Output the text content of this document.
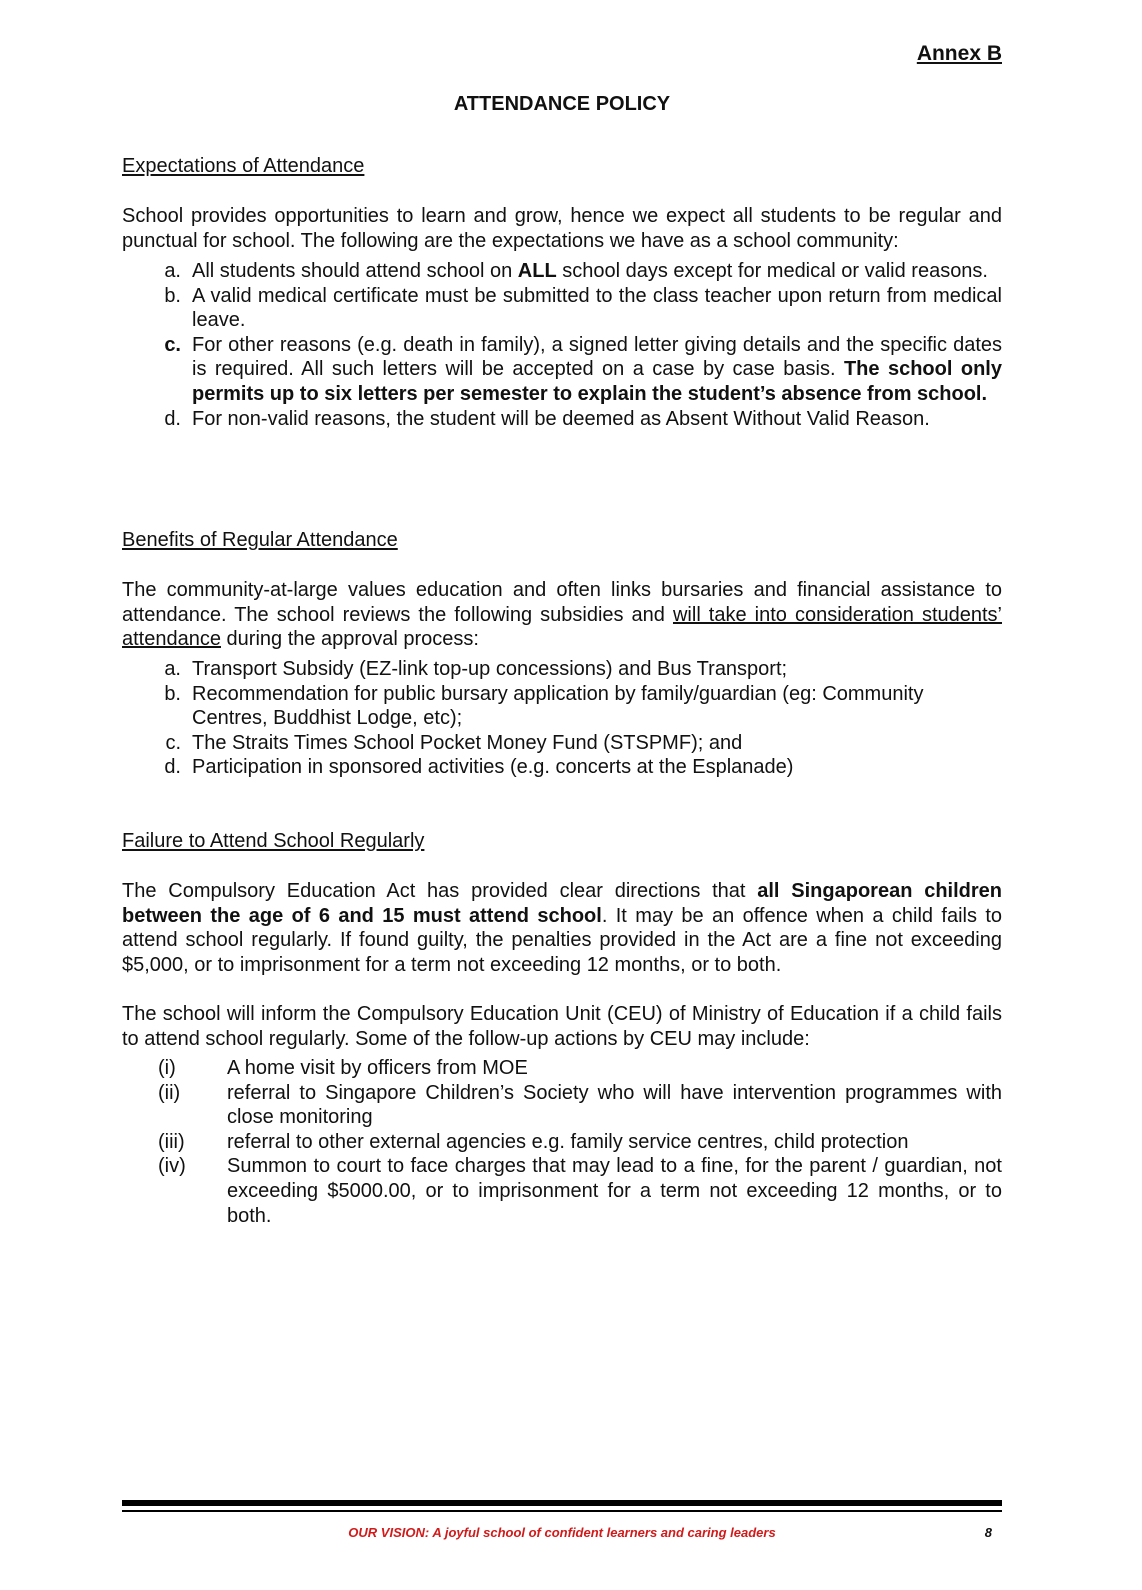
Annex B
ATTENDANCE POLICY
Expectations of Attendance
School provides opportunities to learn and grow, hence we expect all students to be regular and punctual for school. The following are the expectations we have as a school community:
a. All students should attend school on ALL school days except for medical or valid reasons.
b. A valid medical certificate must be submitted to the class teacher upon return from medical leave.
c. For other reasons (e.g. death in family), a signed letter giving details and the specific dates is required. All such letters will be accepted on a case by case basis. The school only permits up to six letters per semester to explain the student’s absence from school.
d. For non-valid reasons, the student will be deemed as Absent Without Valid Reason.
Benefits of Regular Attendance
The community-at-large values education and often links bursaries and financial assistance to attendance. The school reviews the following subsidies and will take into consideration students’ attendance during the approval process:
a. Transport Subsidy (EZ-link top-up concessions) and Bus Transport;
b. Recommendation for public bursary application by family/guardian (eg: Community Centres, Buddhist Lodge, etc);
c. The Straits Times School Pocket Money Fund (STSPMF); and
d. Participation in sponsored activities (e.g. concerts at the Esplanade)
Failure to Attend School Regularly
The Compulsory Education Act has provided clear directions that all Singaporean children between the age of 6 and 15 must attend school. It may be an offence when a child fails to attend school regularly. If found guilty, the penalties provided in the Act are a fine not exceeding $5,000, or to imprisonment for a term not exceeding 12 months, or to both.
The school will inform the Compulsory Education Unit (CEU) of Ministry of Education if a child fails to attend school regularly. Some of the follow-up actions by CEU may include:
(i)	A home visit by officers from MOE
(ii)	referral to Singapore Children’s Society who will have intervention programmes with close monitoring
(iii)	referral to other external agencies e.g. family service centres, child protection
(iv)	Summon to court to face charges that may lead to a fine, for the parent / guardian, not exceeding $5000.00, or to imprisonment for a term not exceeding 12 months, or to both.
OUR VISION: A joyful school of confident learners and caring leaders	8
